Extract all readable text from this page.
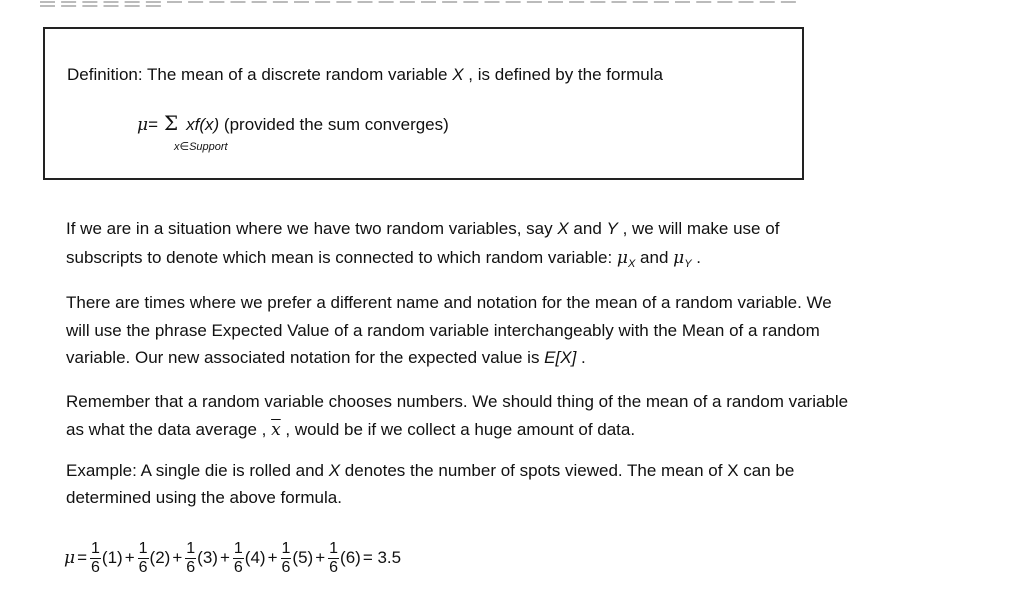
— — — — — — — — — — — — — — — — — — — — — — — — — — — — — — — — — — — — — — — — — —
Definition: The mean of a discrete random variable X , is defined by the formula
μ= Σ xf(x) (provided the sum converges)
x∈Support
If we are in a situation where we have two random variables, say X and Y , we will make use of
subscripts to denote which mean is connected to which random variable: $\mu_X$ and $\mu_Y$ .
There are times where we prefer a different name and notation for the mean of a random variable. We
will use the phrase Expected Value of a random variable interchangeably with the Mean of a random
variable. Our new associated notation for the expected value is E[X] .
Remember that a random variable chooses numbers. We should thing of the mean of a random variable
as what the data average , $\overline{x}$ , would be if we collect a huge amount of data.
Example: A single die is rolled and X denotes the number of spots viewed. The mean of X can be
determined using the above formula.
$\mu = \frac{1}{6} (1) + \frac{1}{6} (2) + \frac{1}{6} (3) + \frac{1}{6} (4) + \frac{1}{6} (5) + \frac{1}{6} (6) = 3.5$
